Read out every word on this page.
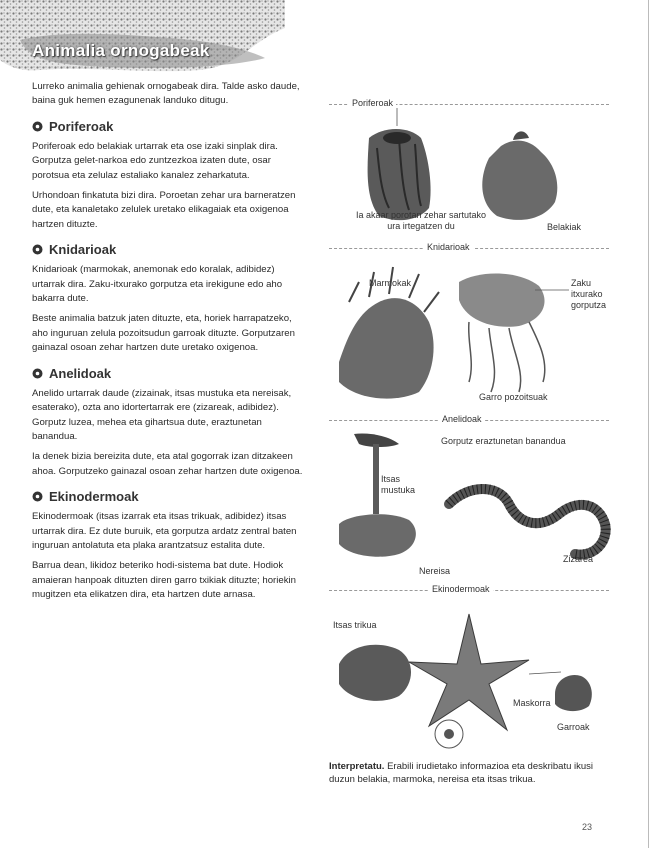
Animalia ornogabeak

Lurreko animalia gehienak ornogabeak dira. Talde asko daude, baina guk hemen ezagunenak landuko ditugu.

Poriferoak

Poriferoak edo belakiak urtarrak eta ose izaki sinplak dira. Gorputza gelet-narkoa edo zuntzezkoa izaten dute, osar porotsua eta zelulaz estaliako kanalez zeharkatuta.

Urhondoan finkatuta bizi dira. Poroetan zehar ura barneratzen dute, eta kanaletako zelulek uretako elikagaiak eta oxigenoa hartzen dituzte.

Knidarioak

Knidarioak (marmokak, anemonak edo koralak, adibidez) urtarrak dira. Zaku-itxurako gorputza eta irekigune edo aho bakarra dute.

Beste animalia batzuk jaten dituzte, eta, horiek harrapatzeko, aho inguruan zelula pozoitsudun garroak dituzte. Gorputzaren gainazal osoan zehar hartzen dute uretako oxigenoa.

Anelidoak

Anelido urtarrak daude (zizainak, itsas mustuka eta nereisak, esaterako), ozta ano idortertarrak ere (zizareak, adibidez). Gorputz luzea, mehea eta gihartsua dute, eraztunetan banandua.

Ia denek bizia bereizita dute, eta atal gogorrak izan ditzakeen ahoa. Gorputzeko gainazal osoan zehar hartzen dute oxigenoa.

Ekinodermoak

Ekinodermoak (itsas izarrak eta itsas trikuak, adibidez) itsas urtarrak dira. Ez dute buruik, eta gorputza ardatz zentral baten inguruan antolatuta eta plaka arantzatsuz estalita dute.

Barrua dean, likidoz beteriko hodi-sistema bat dute. Hodiok amaieran hanpoak dituzten diren garro txikiak dituzte; horiekin mugitzen eta elikatzen dira, eta hartzen dute arnasa.

Poriferoak
Ia akaar porotan zehar sartutako ura irtegatzen du	Belakiak
Knidarioak
Marmokak	Zaku itxurako gorputza
Garro pozoitsuak
Anelidoak
Gorputz eraztunetan banandua
Itsas mustuka
Nereisa
Zizarea
Ekinodermoak
Itsas trikua
Maskorra
Garroak
Interpretatu. Erabili irudietako informazioa eta deskribatu ikusi duzun belakia, marmoka, nereisa eta itsas trikua.
23
